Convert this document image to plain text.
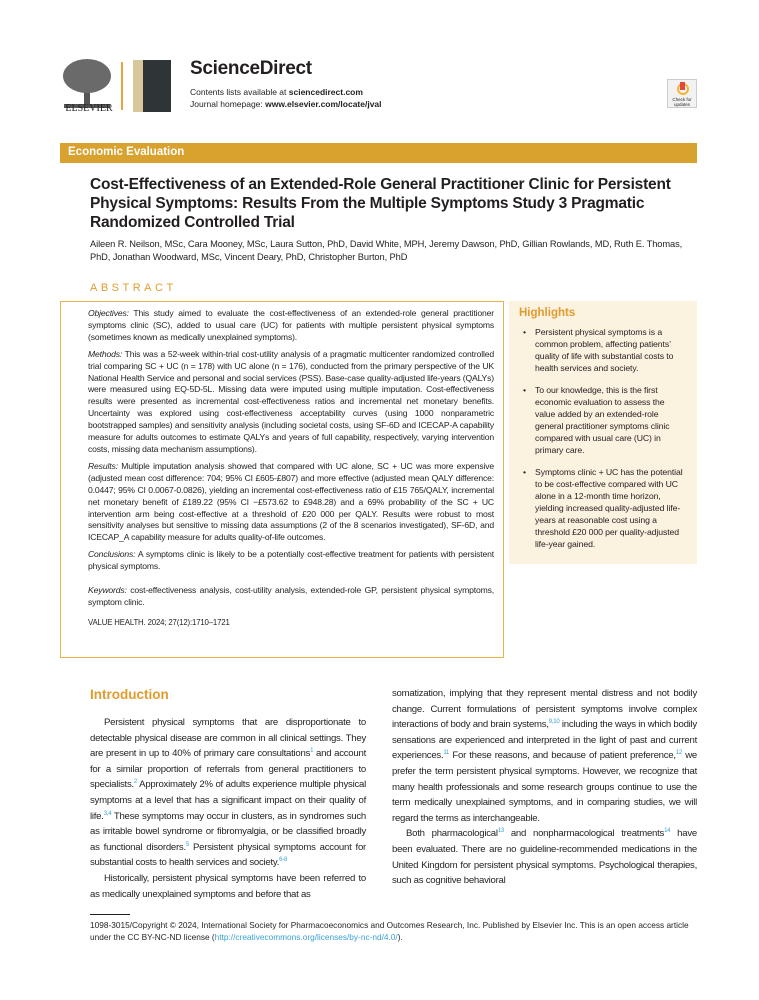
ELSEVIER
ScienceDirect
Contents lists available at sciencedirect.com
Journal homepage: www.elsevier.com/locate/jval	Check for updates
Economic Evaluation
Cost-Effectiveness of an Extended-Role General Practitioner Clinic for Persistent Physical Symptoms: Results From the Multiple Symptoms Study 3 Pragmatic Randomized Controlled Trial
Aileen R. Neilson, MSc, Cara Mooney, MSc, Laura Sutton, PhD, David White, MPH, Jeremy Dawson, PhD, Gillian Rowlands, MD, Ruth E. Thomas, PhD, Jonathan Woodward, MSc, Vincent Deary, PhD, Christopher Burton, PhD
ABSTRACT

Objectives: This study aimed to evaluate the cost-effectiveness of an extended-role general practitioner symptoms clinic (SC), added to usual care (UC) for patients with multiple persistent physical symptoms (sometimes known as medically unexplained symptoms).

Methods: This was a 52-week within-trial cost-utility analysis of a pragmatic multicenter randomized controlled trial comparing SC + UC (n = 178) with UC alone (n = 176), conducted from the primary perspective of the UK National Health Service and personal and social services (PSS). Base-case quality-adjusted life-years (QALYs) were measured using EQ-5D-5L. Missing data were imputed using multiple imputation. Cost-effectiveness results were presented as incremental cost-effectiveness ratios and incremental net monetary benefits. Uncertainty was explored using cost-effectiveness acceptability curves (using 1000 nonparametric bootstrapped samples) and sensitivity analysis (including societal costs, using SF-6D and ICECAP-A capability measure for adults outcomes to estimate QALYs and years of full capability, respectively, varying intervention costs, missing data mechanism assumptions).

Results: Multiple imputation analysis showed that compared with UC alone, SC + UC was more expensive (adjusted mean cost difference: 704; 95% CI £605-£807) and more effective (adjusted mean QALY difference: 0.0447; 95% CI 0.0067-0.0826), yielding an incremental cost-effectiveness ratio of £15 765/QALY, incremental net monetary benefit of £189.22 (95% CI −£573.62 to £948.28) and a 69% probability of the SC + UC intervention arm being cost-effective at a threshold of £20 000 per QALY. Results were robust to most sensitivity analyses but sensitive to missing data assumptions (2 of the 8 scenarios investigated), SF-6D, and ICECAP_A capability measure for adults quality-of-life outcomes.

Conclusions: A symptoms clinic is likely to be a potentially cost-effective treatment for patients with persistent physical symptoms.

Keywords: cost-effectiveness analysis, cost-utility analysis, extended-role GP, persistent physical symptoms, symptom clinic.

VALUE HEALTH. 2024; 27(12):1710–1721

Highlights
• Persistent physical symptoms is a common problem, affecting patients’ quality of life with substantial costs to health services and society.
• To our knowledge, this is the first economic evaluation to assess the value added by an extended-role general practitioner symptoms clinic compared with usual care (UC) in primary care.
• Symptoms clinic + UC has the potential to be cost-effective compared with UC alone in a 12-month time horizon, yielding increased quality-adjusted life-years at reasonable cost using a threshold £20 000 per quality-adjusted life-year gained.
Introduction

Persistent physical symptoms that are disproportionate to detectable physical disease are common in all clinical settings. They are present in up to 40% of primary care consultations$^1$ and account for a similar proportion of referrals from general practitioners to specialists.$^2$ Approximately 2% of adults experience multiple physical symptoms at a level that has a significant impact on their quality of life.$^{3,4}$ These symptoms may occur in clusters, as in syndromes such as irritable bowel syndrome or fibromyalgia, or be classified broadly as functional disorders.$^5$ Persistent physical symptoms account for substantial costs to health services and society.$^{6-8}$

Historically, persistent physical symptoms have been referred to as medically unexplained symptoms and before that as

somatization, implying that they represent mental distress and not bodily change. Current formulations of persistent symptoms involve complex interactions of body and brain systems,$^{9,10}$ including the ways in which bodily sensations are experienced and interpreted in the light of past and current experiences.$^{11}$ For these reasons, and because of patient preference,$^{12}$ we prefer the term persistent physical symptoms. However, we recognize that many health professionals and some research groups continue to use the term medically unexplained symptoms, and in comparing studies, we will regard the terms as interchangeable.

Both pharmacological$^{13}$ and nonpharmacological treatments$^{14}$ have been evaluated. There are no guideline-recommended medications in the United Kingdom for persistent physical symptoms. Psychological therapies, such as cognitive behavioral

1098-3015/Copyright © 2024, International Society for Pharmacoeconomics and Outcomes Research, Inc. Published by Elsevier Inc. This is an open access article under the CC BY-NC-ND license (http://creativecommons.org/licenses/by-nc-nd/4.0/).
